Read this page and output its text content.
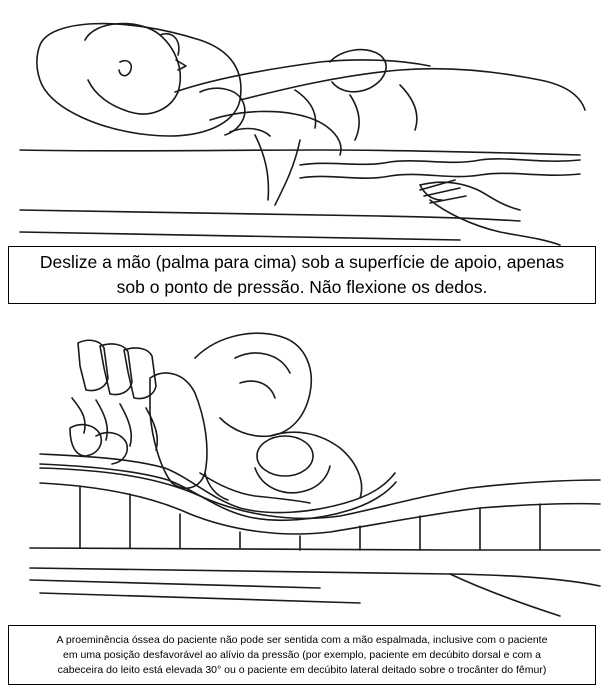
Deslize a mão (palma para cima) sob a superfície de apoio, apenas
sob o ponto de pressão. Não flexione os dedos.
A proeminência óssea do paciente não pode ser sentida com a mão espalmada, inclusive com o paciente
em uma posição desfavorável ao alívio da pressão (por exemplo, paciente em decúbito dorsal e com a
cabeceira do leito está elevada 30° ou o paciente em decúbito lateral deitado sobre o trocânter do fêmur)
